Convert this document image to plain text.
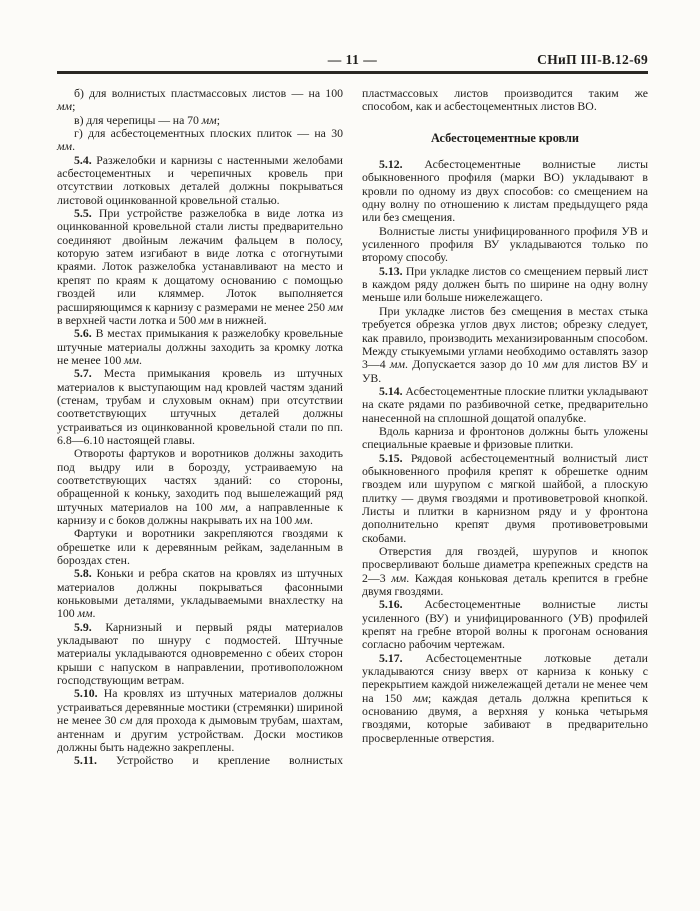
— 11 —	СНиП III-В.12-69

б) для волнистых пластмассовых листов — на 100 мм;

в) для черепицы — на 70 мм;

г) для асбестоцементных плоских плиток — на 30 мм.

5.4. Разжелобки и карнизы с настенными желобами асбестоцементных и черепичных кровель при отсутствии лотковых деталей должны покрываться листовой оцинкованной кровельной сталью.

5.5. При устройстве разжелобка в виде лотка из оцинкованной кровельной стали листы предварительно соединяют двойным лежачим фальцем в полосу, которую затем изгибают в виде лотка с отогнутыми краями. Лоток разжелобка устанавливают на место и крепят по краям к дощатому основанию с помощью гвоздей или кляммер. Лоток выполняется расширяющимся к карнизу с размерами не менее 250 мм в верхней части лотка и 500 мм в нижней.

5.6. В местах примыкания к разжелобку кровельные штучные материалы должны заходить за кромку лотка не менее 100 мм.

5.7. Места примыкания кровель из штучных материалов к выступающим над кровлей частям зданий (стенам, трубам и слуховым окнам) при отсутствии соответствующих штучных деталей должны устраиваться из оцинкованной кровельной стали по пп. 6.8—6.10 настоящей главы.

Отвороты фартуков и воротников должны заходить под выдру или в борозду, устраиваемую на соответствующих частях зданий: со стороны, обращенной к коньку, заходить под вышележащий ряд штучных материалов на 100 мм, а направленные к карнизу и с боков должны накрывать их на 100 мм.

Фартуки и воротники закрепляются гвоздями к обрешетке или к деревянным рейкам, заделанным в бороздах стен.

5.8. Коньки и ребра скатов на кровлях из штучных материалов должны покрываться фасонными коньковыми деталями, укладываемыми внахлестку на 100 мм.

5.9. Карнизный и первый ряды материалов укладывают по шнуру с подмостей. Штучные материалы укладываются одновременно с обеих сторон крыши с напуском в направлении, противоположном господствующим ветрам.

5.10. На кровлях из штучных материалов должны устраиваться деревянные мостики (стремянки) шириной не менее 30 см для прохода к дымовым трубам, шахтам, антеннам и другим устройствам. Доски мостиков должны быть надежно закреплены.

5.11. Устройство и крепление волнистых

пластмассовых листов производится таким же способом, как и асбестоцементных листов ВО.

Асбестоцементные кровли

5.12. Асбестоцементные волнистые листы обыкновенного профиля (марки ВО) укладывают в кровли по одному из двух способов: со смещением на одну волну по отношению к листам предыдущего ряда или без смещения.

Волнистые листы унифицированного профиля УВ и усиленного профиля ВУ укладываются только по второму способу.

5.13. При укладке листов со смещением первый лист в каждом ряду должен быть по ширине на одну волну меньше или больше нижележащего.

При укладке листов без смещения в местах стыка требуется обрезка углов двух листов; обрезку следует, как правило, производить механизированным способом. Между стыкуемыми углами необходимо оставлять зазор 3—4 мм. Допускается зазор до 10 мм для листов ВУ и УВ.

5.14. Асбестоцементные плоские плитки укладывают на скате рядами по разбивочной сетке, предварительно нанесенной на сплошной дощатой опалубке.

Вдоль карниза и фронтонов должны быть уложены специальные краевые и фризовые плитки.

5.15. Рядовой асбестоцементный волнистый лист обыкновенного профиля крепят к обрешетке одним гвоздем или шурупом с мягкой шайбой, а плоскую плитку — двумя гвоздями и противоветровой кнопкой. Листы и плитки в карнизном ряду и у фронтона дополнительно крепят двумя противоветровыми скобами.

Отверстия для гвоздей, шурупов и кнопок просверливают больше диаметра крепежных средств на 2—3 мм. Каждая коньковая деталь крепится в гребне двумя гвоздями.

5.16. Асбестоцементные волнистые листы усиленного (ВУ) и унифицированного (УВ) профилей крепят на гребне второй волны к прогонам основания согласно рабочим чертежам.

5.17. Асбестоцементные лотковые детали укладываются снизу вверх от карниза к коньку с перекрытием каждой нижележащей детали не менее чем на 150 мм; каждая деталь должна крепиться к основанию двумя, а верхняя у конька четырьмя гвоздями, которые забивают в предварительно просверленные отверстия.
